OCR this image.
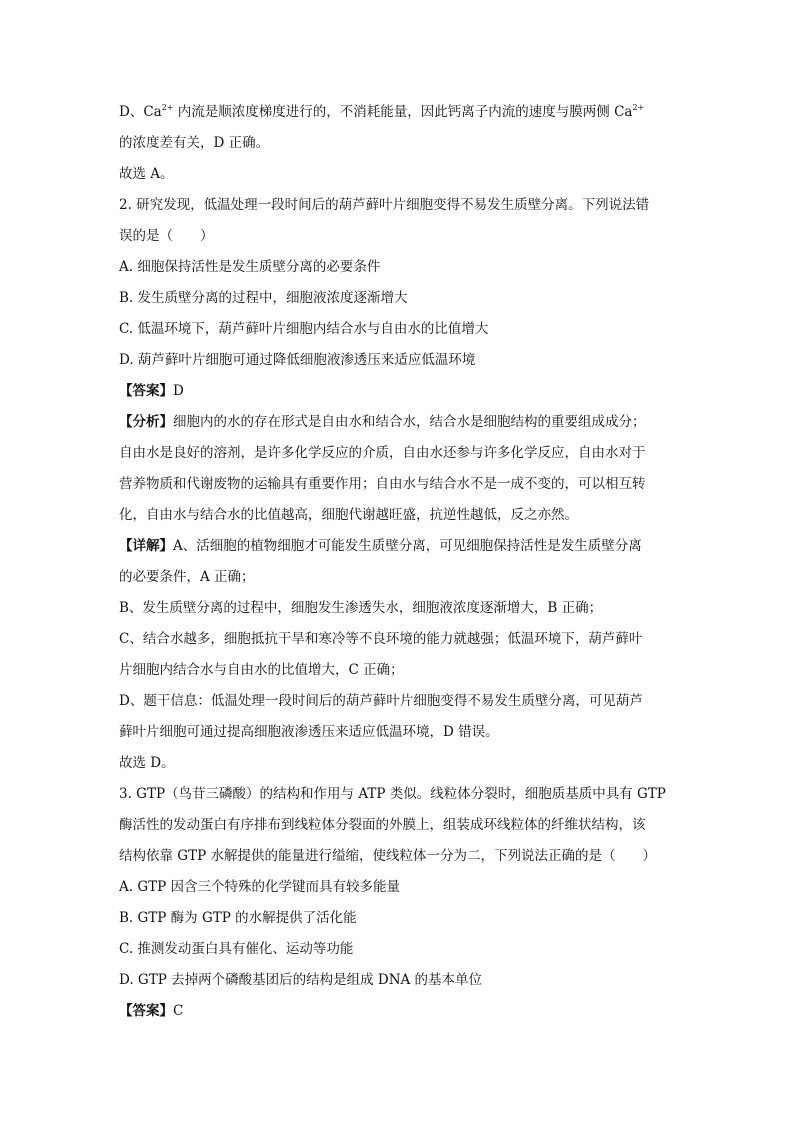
D、$Ca^{2+}$ 内流是顺浓度梯度进行的，不消耗能量，因此钙离子内流的速度与膜两侧 $Ca^{2+}$
的浓度差有关，D 正确。
故选 A。
2. 研究发现，低温处理一段时间后的葫芦藓叶片细胞变得不易发生质壁分离。下列说法错
误的是（　　）
A. 细胞保持活性是发生质壁分离的必要条件
B. 发生质壁分离的过程中，细胞液浓度逐渐增大
C. 低温环境下，葫芦藓叶片细胞内结合水与自由水的比值增大
D. 葫芦藓叶片细胞可通过降低细胞液渗透压来适应低温环境
【答案】D
【分析】细胞内的水的存在形式是自由水和结合水，结合水是细胞结构的重要组成成分；
自由水是良好的溶剂，是许多化学反应的介质，自由水还参与许多化学反应，自由水对于
营养物质和代谢废物的运输具有重要作用；自由水与结合水不是一成不变的，可以相互转
化，自由水与结合水的比值越高，细胞代谢越旺盛，抗逆性越低，反之亦然。
【详解】A、活细胞的植物细胞才可能发生质壁分离，可见细胞保持活性是发生质壁分离
的必要条件，A 正确；
B、发生质壁分离的过程中，细胞发生渗透失水，细胞液浓度逐渐增大，B 正确；
C、结合水越多，细胞抵抗干旱和寒冷等不良环境的能力就越强；低温环境下，葫芦藓叶
片细胞内结合水与自由水的比值增大，C 正确；
D、题干信息：低温处理一段时间后的葫芦藓叶片细胞变得不易发生质壁分离，可见葫芦
藓叶片细胞可通过提高细胞液渗透压来适应低温环境，D 错误。
故选 D。
3. GTP（鸟苷三磷酸）的结构和作用与 ATP 类似。线粒体分裂时，细胞质基质中具有 GTP
酶活性的发动蛋白有序排布到线粒体分裂面的外膜上，组装成环线粒体的纤维状结构，该
结构依靠 GTP 水解提供的能量进行缢缩，使线粒体一分为二，下列说法正确的是（　　）
A. GTP 因含三个特殊的化学键而具有较多能量
B. GTP 酶为 GTP 的水解提供了活化能
C. 推测发动蛋白具有催化、运动等功能
D. GTP 去掉两个磷酸基团后的结构是组成 DNA 的基本单位
【答案】C
